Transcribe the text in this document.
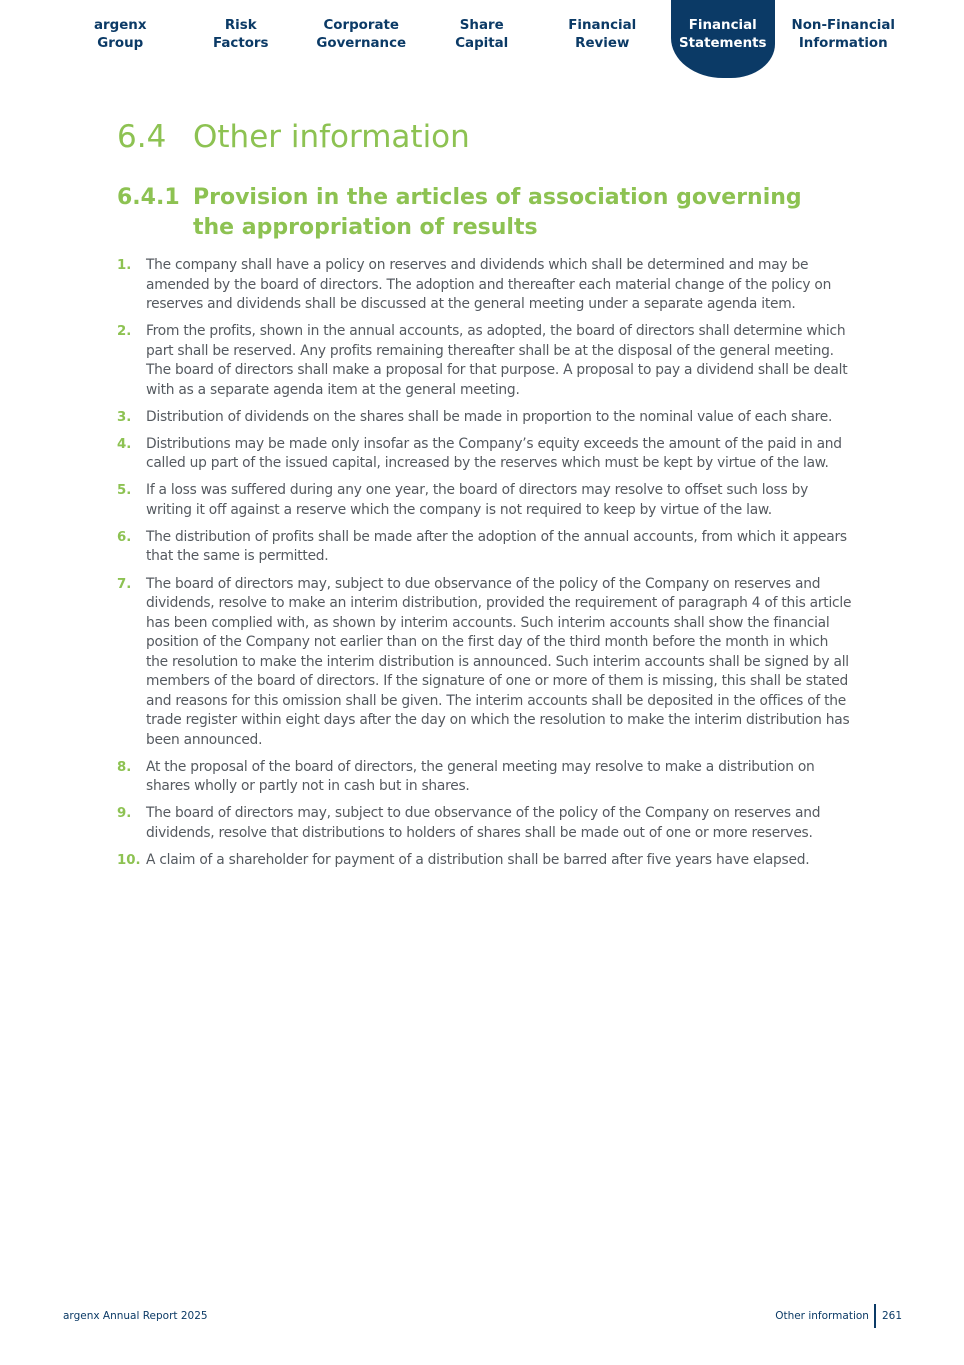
argenx
Group
Risk
Factors
Corporate
Governance
Share
Capital
Financial
Review
Financial
Statements
Non-Financial
Information
6.4 Other information
6.4.1 Provision in the articles of association governing the appropriation of results
1. The company shall have a policy on reserves and dividends which shall be determined and may be amended by the board of directors. The adoption and thereafter each material change of the policy on reserves and dividends shall be discussed at the general meeting under a separate agenda item.
2. From the profits, shown in the annual accounts, as adopted, the board of directors shall determine which part shall be reserved. Any profits remaining thereafter shall be at the disposal of the general meeting. The board of directors shall make a proposal for that purpose. A proposal to pay a dividend shall be dealt with as a separate agenda item at the general meeting.
3. Distribution of dividends on the shares shall be made in proportion to the nominal value of each share.
4. Distributions may be made only insofar as the Company’s equity exceeds the amount of the paid in and called up part of the issued capital, increased by the reserves which must be kept by virtue of the law.
5. If a loss was suffered during any one year, the board of directors may resolve to offset such loss by writing it off against a reserve which the company is not required to keep by virtue of the law.
6. The distribution of profits shall be made after the adoption of the annual accounts, from which it appears that the same is permitted.
7. The board of directors may, subject to due observance of the policy of the Company on reserves and dividends, resolve to make an interim distribution, provided the requirement of paragraph 4 of this article has been complied with, as shown by interim accounts. Such interim accounts shall show the financial position of the Company not earlier than on the first day of the third month before the month in which the resolution to make the interim distribution is announced. Such interim accounts shall be signed by all members of the board of directors. If the signature of one or more of them is missing, this shall be stated and reasons for this omission shall be given. The interim accounts shall be deposited in the offices of the trade register within eight days after the day on which the resolution to make the interim distribution has been announced.
8. At the proposal of the board of directors, the general meeting may resolve to make a distribution on shares wholly or partly not in cash but in shares.
9. The board of directors may, subject to due observance of the policy of the Company on reserves and dividends, resolve that distributions to holders of shares shall be made out of one or more reserves.
10. A claim of a shareholder for payment of a distribution shall be barred after five years have elapsed.
argenx Annual Report 2025	Other information 261
